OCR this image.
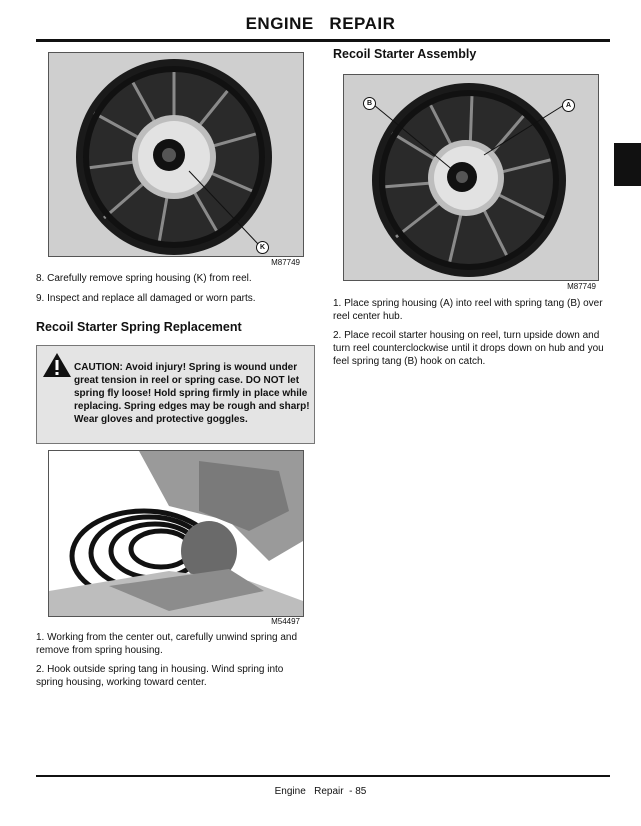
ENGINE   REPAIR
K
M87749
8. Carefully remove spring housing (K) from reel.
9. Inspect and replace all damaged or worn parts.
Recoil Starter Spring Replacement
CAUTION: Avoid injury! Spring is wound under great tension in reel or spring case. DO NOT let spring fly loose! Hold spring firmly in place while replacing. Spring edges may be rough and sharp! Wear gloves and protective goggles.
M54497
1. Working from the center out, carefully unwind spring and remove from spring housing.
2. Hook outside spring tang in housing. Wind spring into spring housing, working toward center.
Recoil Starter Assembly
B	A
M87749
1. Place spring housing (A) into reel with spring tang (B) over reel center hub.
2. Place recoil starter housing on reel, turn upside down and turn reel counterclockwise until it drops down on hub and you feel spring tang (B) hook on catch.
Engine   Repair  - 85
